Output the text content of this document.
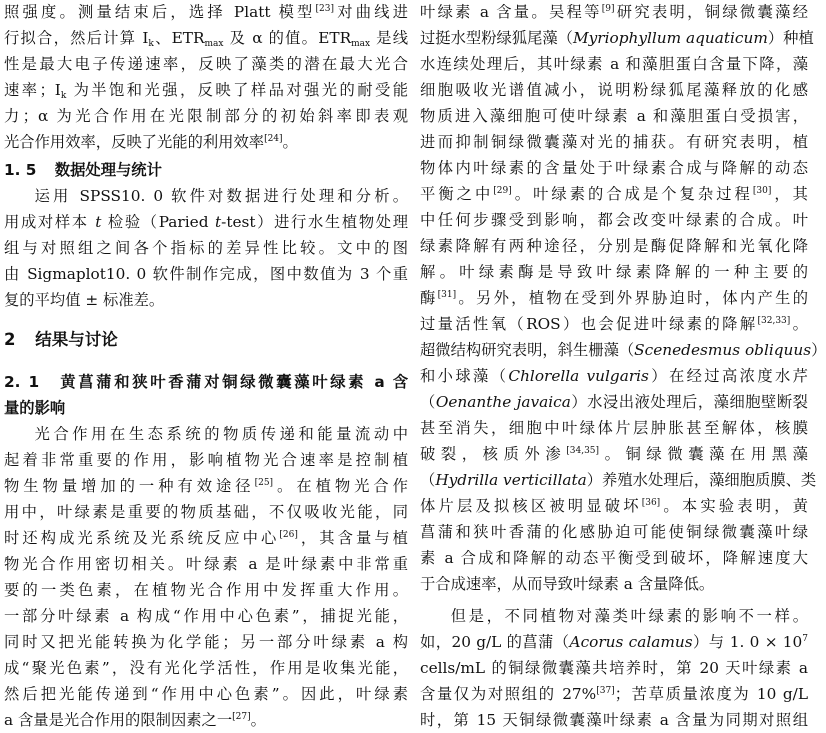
照强度。测量结束后，选择 Platt 模型[23]对曲线进
行拟合，然后计算 $I_k$、$ETR_{max}$ 及 α 的值。$ETR_{max}$ 是线
性是最大电子传递速率，反映了藻类的潜在最大光合
速率；$I_k$ 为半饱和光强，反映了样品对强光的耐受能
力；α 为光合作用在光限制部分的初始斜率即表观
光合作用效率，反映了光能的利用效率[24]。
1. 5 数据处理与统计
运用 SPSS10. 0 软件对数据进行处理和分析。
用成对样本 t 检验（Paried t-test）进行水生植物处理
组与对照组之间各个指标的差异性比较。文中的图
由 Sigmaplot10. 0 软件制作完成，图中数值为 3 个重
复的平均值 ± 标准差。
2 结果与讨论
2. 1 黄菖蒲和狭叶香蒲对铜绿微囊藻叶绿素 a 含
量的影响
光合作用在生态系统的物质传递和能量流动中
起着非常重要的作用，影响植物光合速率是控制植
物生物量增加的一种有效途径[25]。在植物光合作
用中，叶绿素是重要的物质基础，不仅吸收光能，同
时还构成光系统及光系统反应中心[26]，其含量与植
物光合作用密切相关。叶绿素 a 是叶绿素中非常重
要的一类色素，在植物光合作用中发挥重大作用。
一部分叶绿素 a 构成“作用中心色素”，捕捉光能，
同时又把光能转换为化学能；另一部分叶绿素 a 构
成“聚光色素”，没有光化学活性，作用是收集光能，
然后把光能传递到“作用中心色素”。因此，叶绿素
a 含量是光合作用的限制因素之一[27]。
叶绿素 a 含量。吴程等[9]研究表明，铜绿微囊藻经
过挺水型粉绿狐尾藻（Myriophyllum aquaticum）种植
水连续处理后，其叶绿素 a 和藻胆蛋白含量下降，藻
细胞吸收光谱值减小，说明粉绿狐尾藻释放的化感
物质进入藻细胞可使叶绿素 a 和藻胆蛋白受损害，
进而抑制铜绿微囊藻对光的捕获。有研究表明，植
物体内叶绿素的含量处于叶绿素合成与降解的动态
平衡之中[29]。叶绿素的合成是个复杂过程[30]，其
中任何步骤受到影响，都会改变叶绿素的合成。叶
绿素降解有两种途径，分别是酶促降解和光氧化降
解。叶绿素酶是导致叶绿素降解的一种主要的
酶[31]。另外，植物在受到外界胁迫时，体内产生的
过量活性氧（ROS）也会促进叶绿素的降解[32,33]。
超微结构研究表明，斜生栅藻（Scenedesmus obliquus）
和小球藻（Chlorella vulgaris）在经过高浓度水芹
（Oenanthe javaica）水浸出液处理后，藻细胞壁断裂
甚至消失，细胞中叶绿体片层肿胀甚至解体，核膜
破裂，核质外渗[34,35]。铜绿微囊藻在用黑藻
（Hydrilla verticillata）养殖水处理后，藻细胞质膜、类
体片层及拟核区被明显破坏[36]。本实验表明，黄
菖蒲和狭叶香蒲的化感胁迫可能使铜绿微囊藻叶绿
素 a 合成和降解的动态平衡受到破坏，降解速度大
于合成速率，从而导致叶绿素 a 含量降低。
但是，不同植物对藻类叶绿素的影响不一样。
如，20 g/L 的菖蒲（Acorus calamus）与 1. $0 \times 10^7$
cells/mL 的铜绿微囊藻共培养时，第 20 天叶绿素 a
含量仅为对照组的 27%[37]；苦草质量浓度为 10 g/L
时，第 15 天铜绿微囊藻叶绿素 a 含量为同期对照组
